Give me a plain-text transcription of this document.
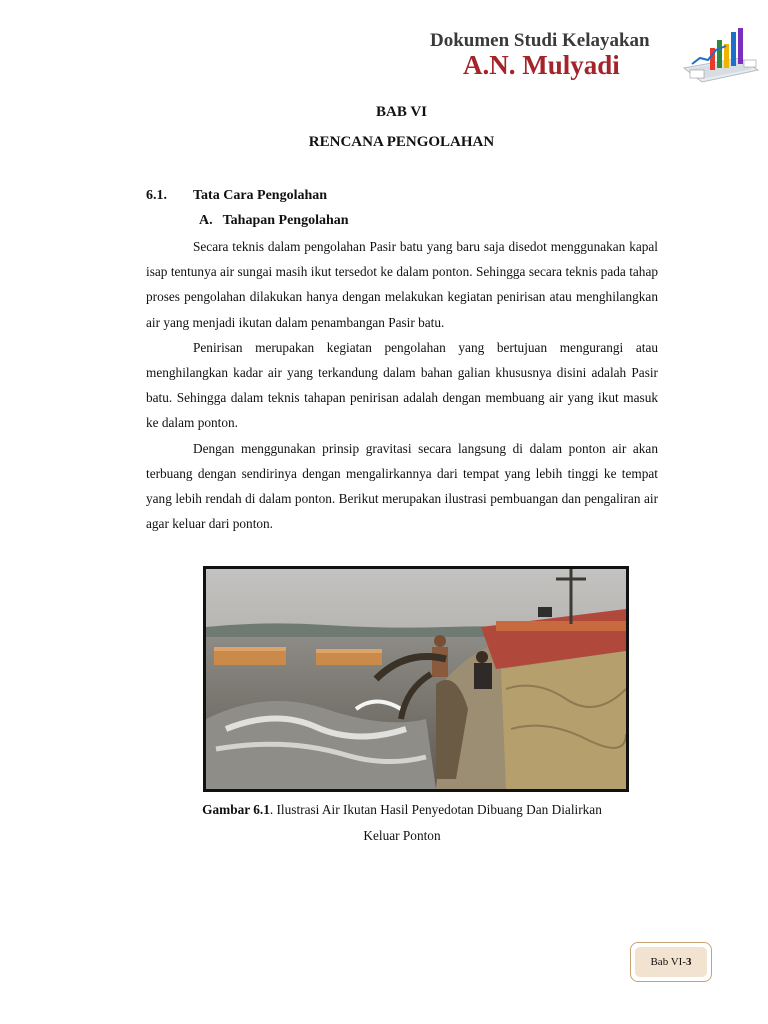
Dokumen Studi Kelayakan
A.N. Mulyadi
BAB VI
RENCANA PENGOLAHAN
6.1. Tata Cara Pengolahan
A. Tahapan Pengolahan

Secara teknis dalam pengolahan Pasir batu yang baru saja disedot menggunakan kapal isap tentunya air sungai masih ikut tersedot ke dalam ponton. Sehingga secara teknis pada tahap proses pengolahan dilakukan hanya dengan melakukan kegiatan penirisan atau menghilangkan air yang menjadi ikutan dalam penambangan Pasir batu.

Penirisan merupakan kegiatan pengolahan yang bertujuan mengurangi atau menghilangkan kadar air yang terkandung dalam bahan galian khususnya disini adalah Pasir batu. Sehingga dalam teknis tahapan penirisan adalah dengan membuang air yang ikut masuk ke dalam ponton.

Dengan menggunakan prinsip gravitasi secara langsung di dalam ponton air akan terbuang dengan sendirinya dengan mengalirkannya dari tempat yang lebih tinggi ke tempat yang lebih rendah di dalam ponton. Berikut merupakan ilustrasi pembuangan dan pengaliran air agar keluar dari ponton.

Gambar 6.1. Ilustrasi Air Ikutan Hasil Penyedotan Dibuang Dan Dialirkan
Keluar Ponton
Bab VI- 3
